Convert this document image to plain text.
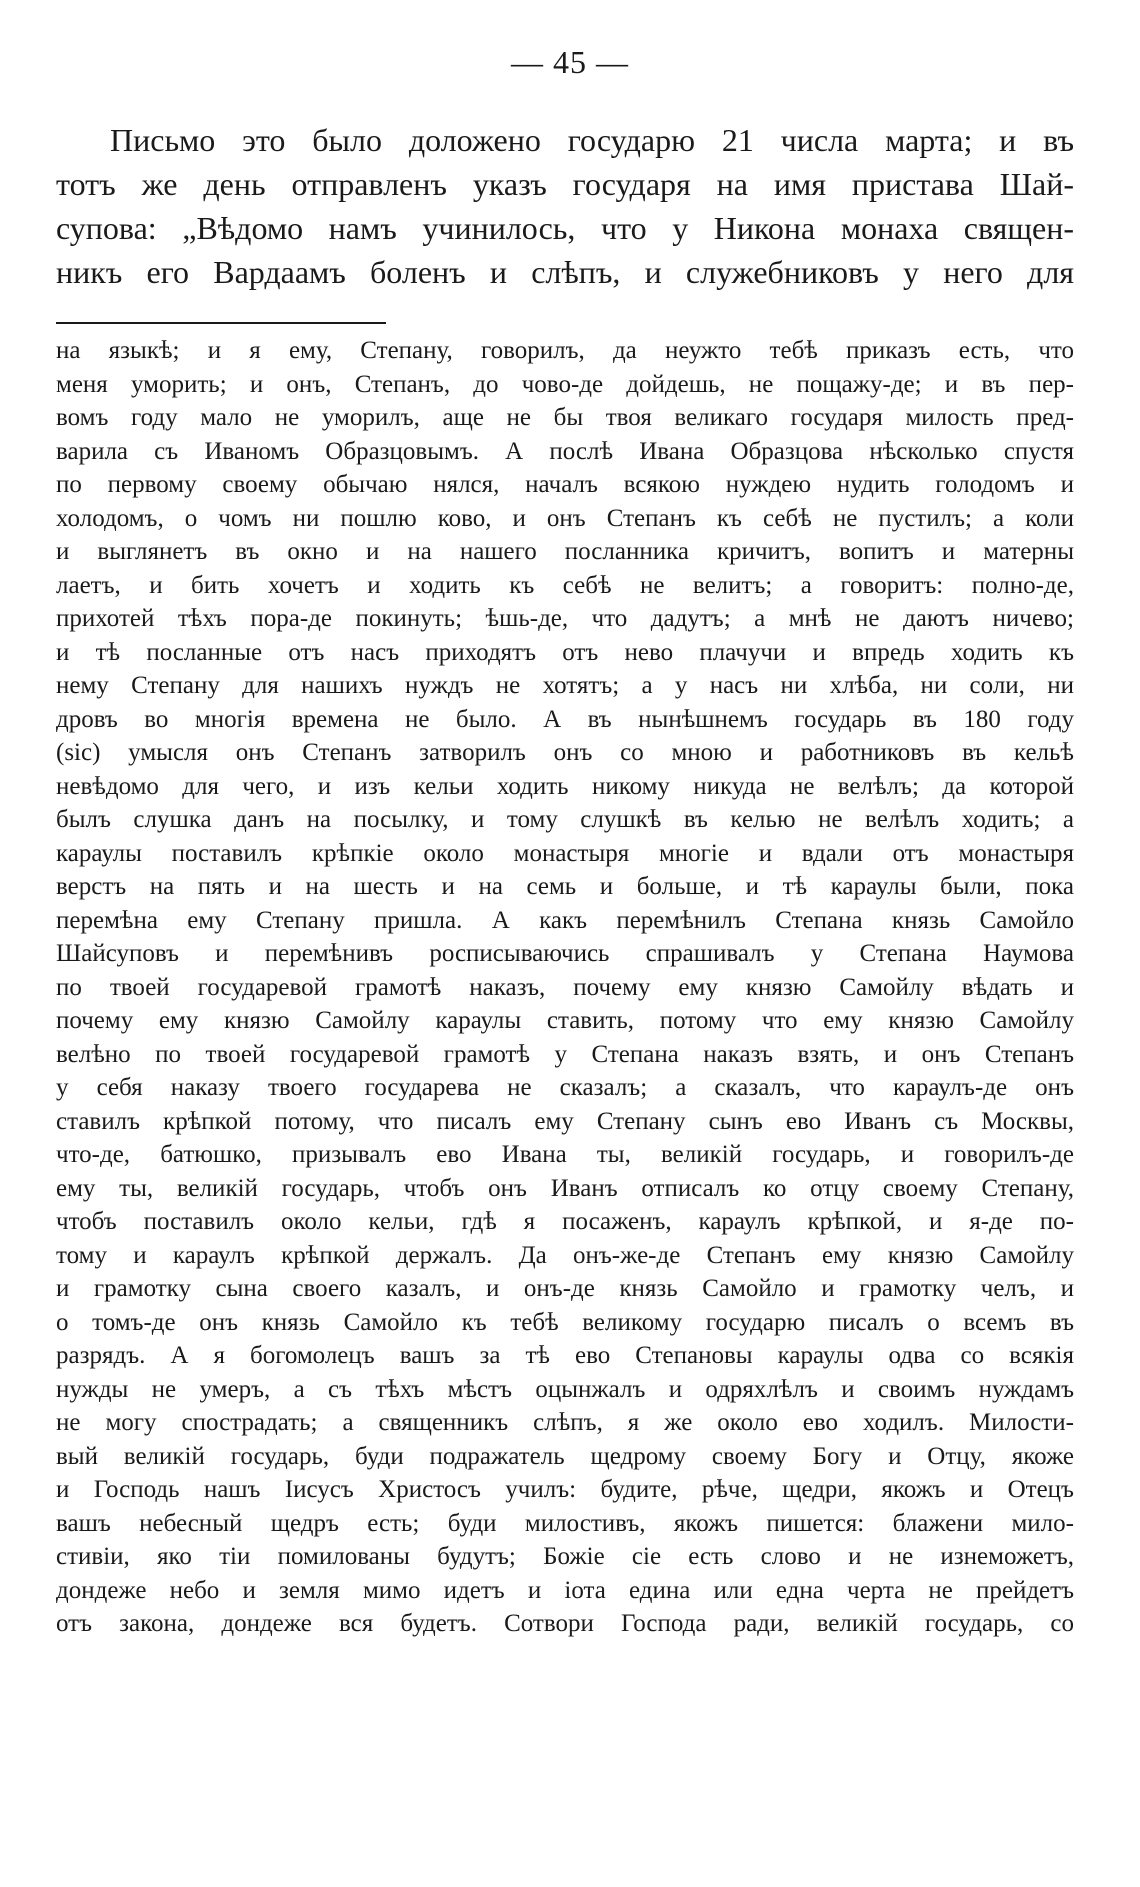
— 45 —
Письмо это было доложено государю 21 числа марта; и въ
тотъ же день отправленъ указъ государя на имя пристава Шай-
супова: „Вѣдомо намъ учинилось, что у Никона монаха священ-
никъ его Вардаамъ боленъ и слѣпъ, и служебниковъ у него для
на языкѣ; и я ему, Степану, говорилъ, да неужто тебѣ приказъ есть, что
меня уморить; и онъ, Степанъ, до чово-де дойдешь, не пощажу-де; и въ пер-
вомъ году мало не уморилъ, аще не бы твоя великаго государя милость пред-
варила съ Иваномъ Образцовымъ. А послѣ Ивана Образцова нѣсколько спустя
по первому своему обычаю нялся, началъ всякою нуждею нудить голодомъ и
холодомъ, о чомъ ни пошлю ково, и онъ Степанъ къ себѣ не пустилъ; а коли
и выглянетъ въ окно и на нашего посланника кричитъ, вопитъ и матерны
лаетъ, и бить хочетъ и ходить къ себѣ не велитъ; а говоритъ: полно-де,
прихотей тѣхъ пора-де покинуть; ѣшь-де, что дадутъ; а мнѣ не даютъ ничево;
и тѣ посланные отъ насъ приходятъ отъ нево плачучи и впредь ходить къ
нему Степану для нашихъ нуждъ не хотятъ; а у насъ ни хлѣба, ни соли, ни
дровъ во многія времена не было. А въ нынѣшнемъ государь въ 180 году
(sic) умысля онъ Степанъ затворилъ онъ со мною и работниковъ въ кельѣ
невѣдомо для чего, и изъ кельи ходить никому никуда не велѣлъ; да которой
былъ слушка данъ на посылку, и тому слушкѣ въ келью не велѣлъ ходить; а
караулы поставилъ крѣпкіе около монастыря многіе и вдали отъ монастыря
верстъ на пять и на шесть и на семь и больше, и тѣ караулы были, пока
перемѣна ему Степану пришла. А какъ перемѣнилъ Степана князь Самойло
Шайсуповъ и перемѣнивъ росписываючись спрашивалъ у Степана Наумова
по твоей государевой грамотѣ наказъ, почему ему князю Самойлу вѣдать и
почему ему князю Самойлу караулы ставить, потому что ему князю Самойлу
велѣно по твоей государевой грамотѣ у Степана наказъ взять, и онъ Степанъ
у себя наказу твоего государева не сказалъ; а сказалъ, что караулъ-де онъ
ставилъ крѣпкой потому, что писалъ ему Степану сынъ ево Иванъ съ Москвы,
что-де, батюшко, призывалъ ево Ивана ты, великій государь, и говорилъ-де
ему ты, великій государь, чтобъ онъ Иванъ отписалъ ко отцу своему Степану,
чтобъ поставилъ около кельи, гдѣ я посаженъ, караулъ крѣпкой, и я-де по-
тому и караулъ крѣпкой держалъ. Да онъ-же-де Степанъ ему князю Самойлу
и грамотку сына своего казалъ, и онъ-де князь Самойло и грамотку челъ, и
о томъ-де онъ князь Самойло къ тебѣ великому государю писалъ о всемъ въ
разрядъ. А я богомолецъ вашъ за тѣ ево Степановы караулы одва со всякія
нужды не умеръ, а съ тѣхъ мѣстъ оцынжалъ и одряхлѣлъ и своимъ нуждамъ
не могу спострадать; а священникъ слѣпъ, я же около ево ходилъ. Милости-
вый великій государь, буди подражатель щедрому своему Богу и Отцу, якоже
и Господь нашъ Іисусъ Христосъ училъ: будите, рѣче, щедри, якожъ и Отецъ
вашъ небесный щедръ есть; буди милостивъ, якожъ пишется: блажени мило-
стивіи, яко тіи помилованы будутъ; Божіе сіе есть слово и не изнеможетъ,
дондеже небо и земля мимо идетъ и іота едина или една черта не прейдетъ
отъ закона, дондеже вся будетъ. Сотвори Господа ради, великій государь, со
